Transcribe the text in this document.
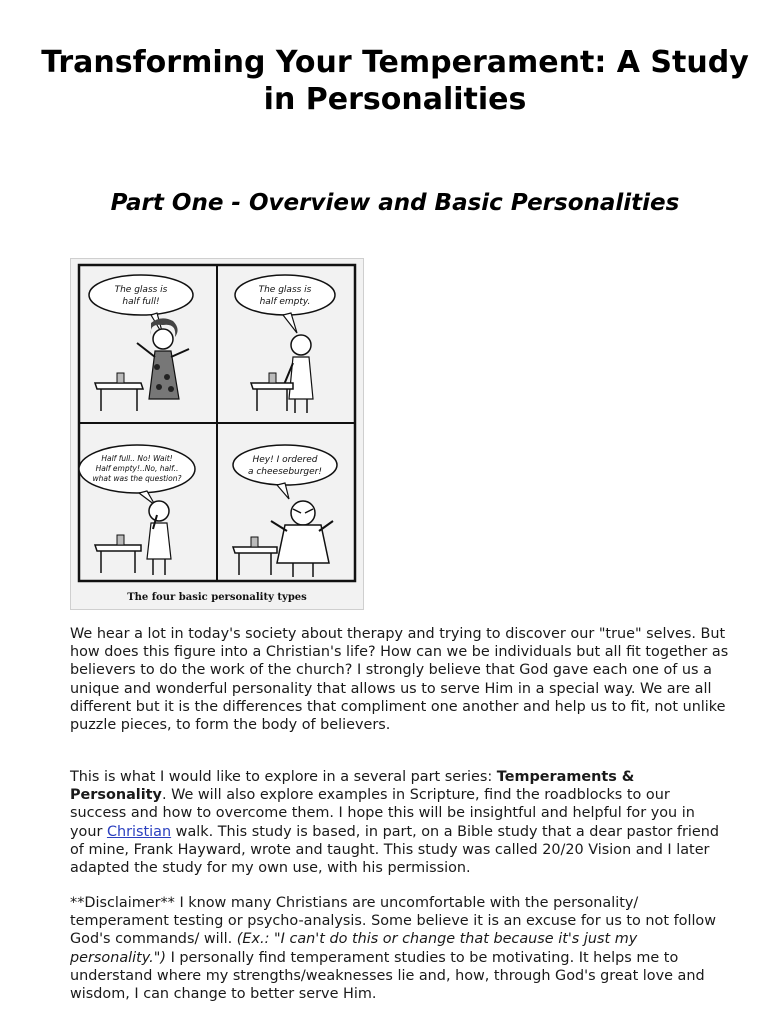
Transforming Your Temperament: A Study in Personalities
Part One - Overview and Basic Personalities
The glass is
half full!
The glass is
half empty.
Half full.. No! Wait!
Half empty!..No, half..
what was the question?
Hey! I ordered
a cheeseburger!
The four basic personality types

We hear a lot in today's society about therapy and trying to discover our "true" selves. But how does this figure into a Christian's life? How can we be individuals but all fit together as believers to do the work of the church? I strongly believe that God gave each one of us a unique and wonderful personality that allows us to serve Him in a special way. We are all different but it is the differences that compliment one another and help us to fit, not unlike puzzle pieces, to form the body of believers.

This is what I would like to explore in a several part series: Temperaments & Personality. We will also explore examples in Scripture, find the roadblocks to our success and how to overcome them. I hope this will be insightful and helpful for you in your Christian walk. This study is based, in part, on a Bible study that a dear pastor friend of mine, Frank Hayward, wrote and taught. This study was called 20/20 Vision and I later adapted the study for my own use, with his permission.

**Disclaimer** I know many Christians are uncomfortable with the personality/ temperament testing or psycho-analysis. Some believe it is an excuse for us to not follow God's commands/ will. (Ex.: "I can't do this or change that because it's just my personality.") I personally find temperament studies to be motivating. It helps me to understand where my strengths/weaknesses lie and, how, through God's great love and wisdom, I can change to better serve Him.
